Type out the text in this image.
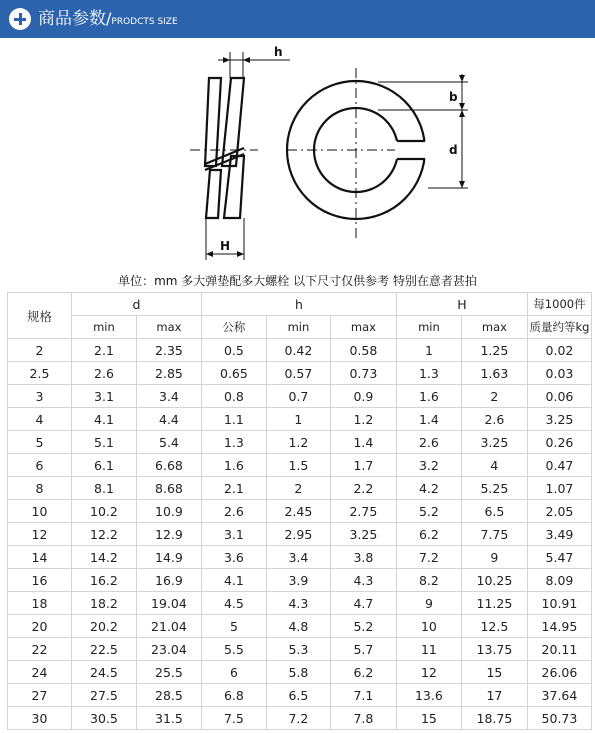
商品参数/PRODCTS SIZE
h
H
b
d
单位：mm 多大弹垫配多大螺栓 以下尺寸仅供参考 特别在意者甚拍
规格	d		h			H		每1000件
	min	max	公称	min	max	min	max	质量约等kg
2	2.1	2.35	0.5	0.42	0.58	1	1.25	0.02
2.5	2.6	2.85	0.65	0.57	0.73	1.3	1.63	0.03
3	3.1	3.4	0.8	0.7	0.9	1.6	2	0.06
4	4.1	4.4	1.1	1	1.2	1.4	2.6	3.25
5	5.1	5.4	1.3	1.2	1.4	2.6	3.25	0.26
6	6.1	6.68	1.6	1.5	1.7	3.2	4	0.47
8	8.1	8.68	2.1	2	2.2	4.2	5.25	1.07
10	10.2	10.9	2.6	2.45	2.75	5.2	6.5	2.05
12	12.2	12.9	3.1	2.95	3.25	6.2	7.75	3.49
14	14.2	14.9	3.6	3.4	3.8	7.2	9	5.47
16	16.2	16.9	4.1	3.9	4.3	8.2	10.25	8.09
18	18.2	19.04	4.5	4.3	4.7	9	11.25	10.91
20	20.2	21.04	5	4.8	5.2	10	12.5	14.95
22	22.5	23.04	5.5	5.3	5.7	11	13.75	20.11
24	24.5	25.5	6	5.8	6.2	12	15	26.06
27	27.5	28.5	6.8	6.5	7.1	13.6	17	37.64
30	30.5	31.5	7.5	7.2	7.8	15	18.75	50.73
